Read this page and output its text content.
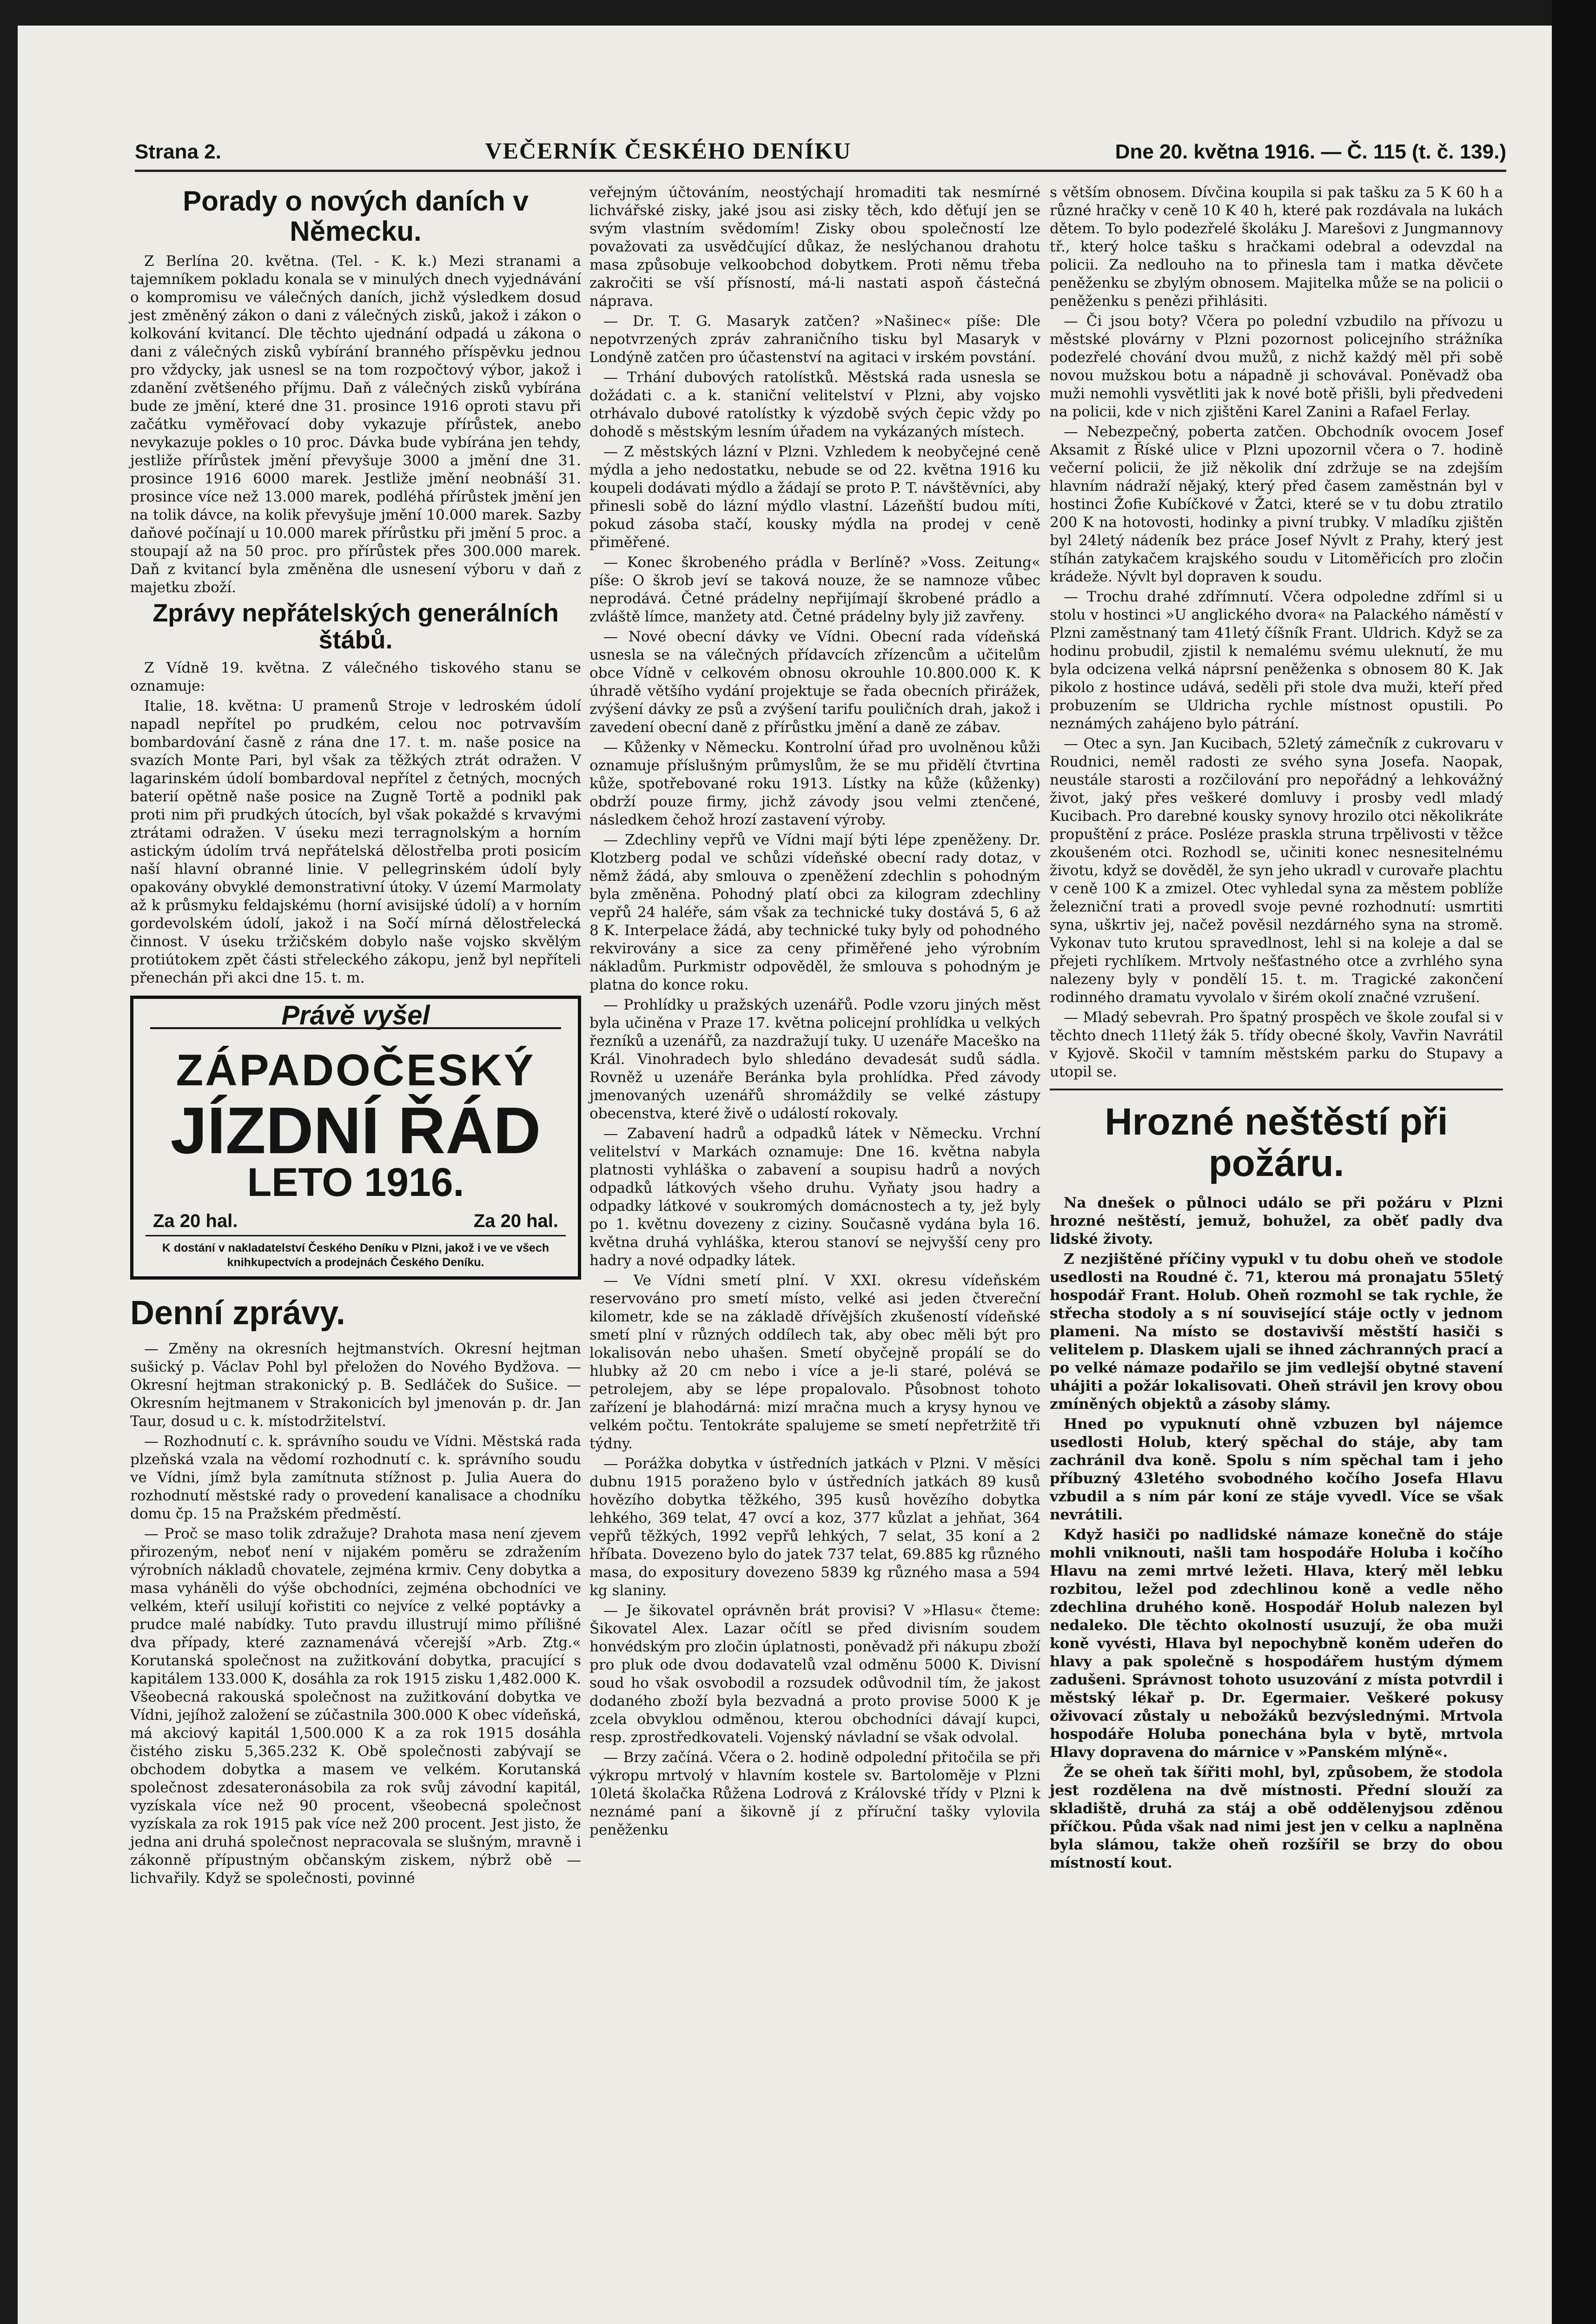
Strana 2.	VEČERNÍK ČESKÉHO DENÍKU	Dne 20. května 1916. — Č. 115 (t. č. 139.)
Porady o nových daních v Německu.

Z Berlína 20. května. (Tel. - K. k.) Mezi stranami a tajemníkem pokladu konala se v minulých dnech vyjednávání o kompromisu ve válečných daních, jichž výsledkem dosud jest změněný zákon o dani z válečných zisků, jakož i zákon o kolkování kvitancí. Dle těchto ujednání odpadá u zákona o dani z válečných zisků vybírání branného příspěvku jednou pro vždycky, jak usnesl se na tom rozpočtový výbor, jakož i zdanění zvětšeného příjmu. Daň z válečných zisků vybírána bude ze jmění, které dne 31. prosince 1916 oproti stavu při začátku vyměřovací doby vykazuje přírůstek, anebo nevykazuje pokles o 10 proc. Dávka bude vybírána jen tehdy, jestliže přírůstek jmění převyšuje 3000 a jmění dne 31. prosince 1916 6000 marek. Jestliže jmění neobnáší 31. prosince více než 13.000 marek, podléhá přírůstek jmění jen na tolik dávce, na kolik převyšuje jmění 10.000 marek. Sazby daňové počínají u 10.000 marek přírůstku při jmění 5 proc. a stoupají až na 50 proc. pro přírůstek přes 300.000 marek. Daň z kvitancí byla změněna dle usnesení výboru v daň z majetku zboží.

Zprávy nepřátelských generálních štábů.

Z Vídně 19. května. Z válečného tiskového stanu se oznamuje:

Italie, 18. května: U pramenů Stroje v ledroském údolí napadl nepřítel po prudkém, celou noc potrvavším bombardování časně z rána dne 17. t. m. naše posice na svazích Monte Pari, byl však za těžkých ztrát odražen. V lagarinském údolí bombardoval nepřítel z četných, mocných baterií opětně naše posice na Zugně Tortě a podnikl pak proti nim při prudkých útocích, byl však pokaždé s krvavými ztrátami odražen. V úseku mezi terragnolským a horním astickým údolím trvá nepřátelská dělostřelba proti posicím naší hlavní obranné linie. V pellegrinském údolí byly opakovány obvyklé demonstrativní útoky. V území Marmolaty až k průsmyku feldajskému (horní avisijské údolí) a v horním gordevolském údolí, jakož i na Sočí mírná dělostřelecká činnost. V úseku tržičském dobylo naše vojsko skvělým protiútokem zpět části střeleckého zákopu, jenž byl nepříteli přenechán při akci dne 15. t. m.

Právě vyšel
ZÁPADOČESKÝ
JÍZDNÍ ŘÁD
LETO 1916.
Za 20 hal.	Za 20 hal.
K dostání v nakladatelství Českého Deníku v Plzni, jakož i ve ve všech knihkupectvích a prodejnách Českého Deníku.
Denní zprávy.

— Změny na okresních hejtmanstvích. Okresní hejtman sušický p. Václav Pohl byl přeložen do Nového Bydžova. — Okresní hejtman strakonický p. B. Sedláček do Sušice. — Okresním hejtmanem v Strakonicích byl jmenován p. dr. Jan Taur, dosud u c. k. místodržitelství.

— Rozhodnutí c. k. správního soudu ve Vídni. Městská rada plzeňská vzala na vědomí rozhodnutí c. k. správního soudu ve Vídni, jímž byla zamítnuta stížnost p. Julia Auera do rozhodnutí městské rady o provedení kanalisace a chodníku domu čp. 15 na Pražském předměstí.

— Proč se maso tolik zdražuje? Drahota masa není zjevem přirozeným, neboť není v nijakém poměru se zdražením výrobních nákladů chovatele, zejména krmiv. Ceny dobytka a masa vyháněli do výše obchodníci, zejména obchodníci ve velkém, kteří usilují kořistiti co nejvíce z velké poptávky a prudce malé nabídky. Tuto pravdu illustrují mimo přílišné dva případy, které zaznamenává včerejší »Arb. Ztg.« Korutanská společnost na zužitkování dobytka, pracující s kapitálem 133.000 K, dosáhla za rok 1915 zisku 1,482.000 K. Všeobecná rakouská společnost na zužitkování dobytka ve Vídni, jejíhož založení se zúčastnila 300.000 K obec vídeňská, má akciový kapitál 1,500.000 K a za rok 1915 dosáhla čistého zisku 5,365.232 K. Obě společnosti zabývají se obchodem dobytka a masem ve velkém. Korutanská společnost zdesateronásobila za rok svůj závodní kapitál, vyzískala více než 90 procent, všeobecná společnost vyzískala za rok 1915 pak více než 200 procent. Jest jisto, že jedna ani druhá společnost nepracovala se slušným, mravně i zákonně přípustným občanským ziskem, nýbrž obě — lichvařily. Když se společnosti, povinné

veřejným účtováním, neostýchají hromaditi tak nesmírné lichvářské zisky, jaké jsou asi zisky těch, kdo děťují jen se svým vlastním svědomím! Zisky obou společností lze považovati za usvědčující důkaz, že neslýchanou drahotu masa způsobuje velkoobchod dobytkem. Proti němu třeba zakročiti se vší přísností, má-li nastati aspoň částečná náprava.

— Dr. T. G. Masaryk zatčen? »Našinec« píše: Dle nepotvrzených zpráv zahraničního tisku byl Masaryk v Londýně zatčen pro účastenství na agitaci v irském povstání.

— Trhání dubových ratolístků. Městská rada usnesla se dožádati c. a k. staniční velitelství v Plzni, aby vojsko otrhávalo dubové ratolístky k výzdobě svých čepic vždy po dohodě s městským lesním úřadem na vykázaných místech.

— Z městských lázní v Plzni. Vzhledem k neobyčejné ceně mýdla a jeho nedostatku, nebude se od 22. května 1916 ku koupeli dodávati mýdlo a žádají se proto P. T. návštěvníci, aby přinesli sobě do lázní mýdlo vlastní. Lázeňští budou míti, pokud zásoba stačí, kousky mýdla na prodej v ceně přiměřené.

— Konec škrobeného prádla v Berlíně? »Voss. Zeitung« píše: O škrob jeví se taková nouze, že se namnoze vůbec neprodává. Četné prádelny nepřijímají škrobené prádlo a zvláště límce, manžety atd. Četné prádelny byly již zavřeny.

— Nové obecní dávky ve Vídni. Obecní rada vídeňská usnesla se na válečných přídavcích zřízencům a učitelům obce Vídně v celkovém obnosu okrouhle 10.800.000 K. K úhradě většího vydání projektuje se řada obecních přirážek, zvýšení dávky ze psů a zvýšení tarifu pouličních drah, jakož i zavedení obecní daně z přírůstku jmění a daně ze zábav.

— Kůženky v Německu. Kontrolní úřad pro uvolněnou kůži oznamuje příslušným průmyslům, že se mu přidělí čtvrtina kůže, spotřebované roku 1913. Lístky na kůže (kůženky) obdrží pouze firmy, jichž závody jsou velmi ztenčené, následkem čehož hrozí zastavení výroby.

— Zdechliny vepřů ve Vídni mají býti lépe zpeněženy. Dr. Klotzberg podal ve schůzi vídeňské obecní rady dotaz, v němž žádá, aby smlouva o zpeněžení zdechlin s pohodným byla změněna. Pohodný platí obci za kilogram zdechliny vepřů 24 haléře, sám však za technické tuky dostává 5, 6 až 8 K. Interpelace žádá, aby technické tuky byly od pohodného rekvirovány a sice za ceny přiměřené jeho výrobním nákladům. Purkmistr odpověděl, že smlouva s pohodným je platna do konce roku.

— Prohlídky u pražských uzenářů. Podle vzoru jiných měst byla učiněna v Praze 17. května policejní prohlídka u velkých řezníků a uzenářů, za nazdražují tuky. U uzenáře Maceško na Král. Vinohradech bylo shledáno devadesát sudů sádla. Rovněž u uzenáře Beránka byla prohlídka. Před závody jmenovaných uzenářů shromáždily se velké zástupy obecenstva, které živě o událostí rokovaly.

— Zabavení hadrů a odpadků látek v Německu. Vrchní velitelství v Markách oznamuje: Dne 16. května nabyla platnosti vyhláška o zabavení a soupisu hadrů a nových odpadků látkových všeho druhu. Vyňaty jsou hadry a odpadky látkové v soukromých domácnostech a ty, jež byly po 1. květnu dovezeny z ciziny. Současně vydána byla 16. května druhá vyhláška, kterou stanoví se nejvyšší ceny pro hadry a nové odpadky látek.

— Ve Vídni smetí plní. V XXI. okresu vídeňském reservováno pro smetí místo, velké asi jeden čtvereční kilometr, kde se na základě dřívějších zkušeností vídeňské smetí plní v různých oddílech tak, aby obec měli být pro lokalisován nebo uhašen. Smetí obyčejně propálí se do hlubky až 20 cm nebo i více a je-li staré, polévá se petrolejem, aby se lépe propalovalo. Působnost tohoto zařízení je blahodárná: mizí mračna much a krysy hynou ve velkém počtu. Tentokráte spalujeme se smetí nepřetržitě tři týdny.

— Porážka dobytka v ústředních jatkách v Plzni. V měsíci dubnu 1915 poraženo bylo v ústředních jatkách 89 kusů hovězího dobytka těžkého, 395 kusů hovězího dobytka lehkého, 369 telat, 47 ovcí a koz, 377 kůzlat a jehňat, 364 vepřů těžkých, 1992 vepřů lehkých, 7 selat, 35 koní a 2 hříbata. Dovezeno bylo do jatek 737 telat, 69.885 kg různého masa, do expositury dovezeno 5839 kg různého masa a 594 kg slaniny.

— Je šikovatel oprávněn brát provisi? V »Hlasu« čteme: Šikovatel Alex. Lazar očítl se před divisním soudem honvédským pro zločin úplatnosti, poněvadž při nákupu zboží pro pluk ode dvou dodavatelů vzal odměnu 5000 K. Divisní soud ho však osvobodil a rozsudek odůvodnil tím, že jakost dodaného zboží byla bezvadná a proto provise 5000 K je zcela obvyklou odměnou, kterou obchodníci dávají kupci, resp. zprostředkovateli. Vojenský návladní se však odvolal.

— Brzy začíná. Včera o 2. hodině odpolední přitočila se při výkropu mrtvolý v hlavním kostele sv. Bartoloměje v Plzni 10letá školačka Růžena Lodrová z Královské třídy v Plzni k neznámé paní a šikovně jí z příruční tašky vylovila peněženku

s větším obnosem. Dívčina koupila si pak tašku za 5 K 60 h a různé hračky v ceně 10 K 40 h, které pak rozdávala na lukách dětem. To bylo podezřelé školáku J. Marešovi z Jungmannovy tř., který holce tašku s hračkami odebral a odevzdal na policii. Za nedlouho na to přinesla tam i matka děvčete peněženku se zbylým obnosem. Majitelka může se na policii o peněženku s penězi přihlásiti.

— Či jsou boty? Včera po polední vzbudilo na přívozu u městské plovárny v Plzni pozornost policejního strážníka podezřelé chování dvou mužů, z nichž každý měl při sobě novou mužskou botu a nápadně ji schovával. Poněvadž oba muži nemohli vysvětliti jak k nové botě přišli, byli předvedeni na policii, kde v nich zjištěni Karel Zanini a Rafael Ferlay.

— Nebezpečný, poberta zatčen. Obchodník ovocem Josef Aksamit z Říské ulice v Plzni upozornil včera o 7. hodině večerní policii, že již několik dní zdržuje se na zdejším hlavním nádraží nějaký, který před časem zaměstnán byl v hostinci Žofie Kubíčkové v Žatci, které se v tu dobu ztratilo 200 K na hotovosti, hodinky a pivní trubky. V mladíku zjištěn byl 24letý nádeník bez práce Josef Nývlt z Prahy, který jest stíhán zatykačem krajského soudu v Litoměřicích pro zločin krádeže. Nývlt byl dopraven k soudu.

— Trochu drahé zdřímnutí. Včera odpoledne zdříml si u stolu v hostinci »U anglického dvora« na Palackého náměstí v Plzni zaměstnaný tam 41letý číšník Frant. Uldrich. Když se za hodinu probudil, zjistil k nemalému svému uleknutí, že mu byla odcizena velká náprsní peněženka s obnosem 80 K. Jak pikolo z hostince udává, seděli při stole dva muži, kteří před probuzením se Uldricha rychle místnost opustili. Po neznámých zahájeno bylo pátrání.

— Otec a syn. Jan Kucibach, 52letý zámečník z cukrovaru v Roudnici, neměl radosti ze svého syna Josefa. Naopak, neustále starosti a rozčilování pro nepořádný a lehkovážný život, jaký přes veškeré domluvy i prosby vedl mladý Kucibach. Pro darebné kousky synovy hrozilo otci několikráte propuštění z práce. Posléze prasklа struna trpělivosti v těžce zkoušeném otci. Rozhodl se, učiniti konec nesnesitelnému životu, když se dověděl, že syn jeho ukradl v curovaře plachtu v ceně 100 K a zmizel. Otec vyhledal syna za městem poblíže železniční trati a provedl svoje pevné rozhodnutí: usmrtiti syna, uškrtiv jej, načež pověsil nezdárného syna na stromě. Vykonav tuto krutou spravedlnost, lehl si na koleje a dal se přejeti rychlíkem. Mrtvoly nešťastného otce a zvrhlého syna nalezeny byly v pondělí 15. t. m. Tragické zakončení rodinného dramatu vyvolalo v širém okolí značné vzrušení.

— Mladý sebevrah. Pro špatný prospěch ve škole zoufal si v těchto dnech 11letý žák 5. třídy obecné školy, Vavřin Navrátil v Kyjově. Skočil v tamním městském parku do Stupavy a utopil se.

Hrozné neštěstí při požáru.

Na dnešek o půlnoci událo se při požáru v Plzni hrozné neštěstí, jemuž, bohužel, za oběť padly dva lidské životy.

Z nezjištěné příčiny vypukl v tu dobu oheň ve stodole usedlosti na Roudné č. 71, kterou má pronajatu 55letý hospodář Frant. Holub. Oheň rozmohl se tak rychle, že střecha stodoly a s ní související stáje octly v jednom plameni. Na místo se dostavivší městští hasiči s velitelem p. Dlaskem ujali se ihned záchranných prací a po velké námaze podařilo se jim vedlejší obytné stavení uhájiti a požár lokalisovati. Oheň strávil jen krovy obou zmíněných objektů a zásoby slámy.

Hned po vypuknutí ohně vzbuzen byl nájemce usedlosti Holub, který spěchal do stáje, aby tam zachránil dva koně. Spolu s ním spěchal tam i jeho příbuzný 43letého svobodného kočího Josefa Hlavu vzbudil a s ním pár koní ze stáje vyvedl. Více se však nevrátili.

Když hasiči po nadlidské námaze konečně do stáje mohli vniknouti, našli tam hospodáře Holuba i kočího Hlavu na zemi mrtvé ležeti. Hlava, který měl lebku rozbitou, ležel pod zdechlinou koně a vedle něho zdechlina druhého koně. Hospodář Holub nalezen byl nedaleko. Dle těchto okolností usuzují, že oba muži koně vyvésti, Hlava byl nepochybně koněm udeřen do hlavy a pak společně s hospodářem hustým dýmem zadušeni. Správnost tohoto usuzování z místa potvrdil i městský lékař p. Dr. Egermaier. Veškeré pokusy oživovací zůstaly u nebožáků bezvýslednými. Mrtvola hospodáře Holuba ponechána byla v bytě, mrtvola Hlavy dopravena do márnice v »Panském mlýně«.

Že se oheň tak šířiti mohl, byl, způsobem, že stodola jest rozdělena na dvě místnosti. Přední slouží za skladiště, druhá za stáj a obě oddělenyjsou zděnou příčkou. Půda však nad nimi jest jen v celku a naplněna byla slámou, takže oheň rozšířil se brzy do obou místností kout.
